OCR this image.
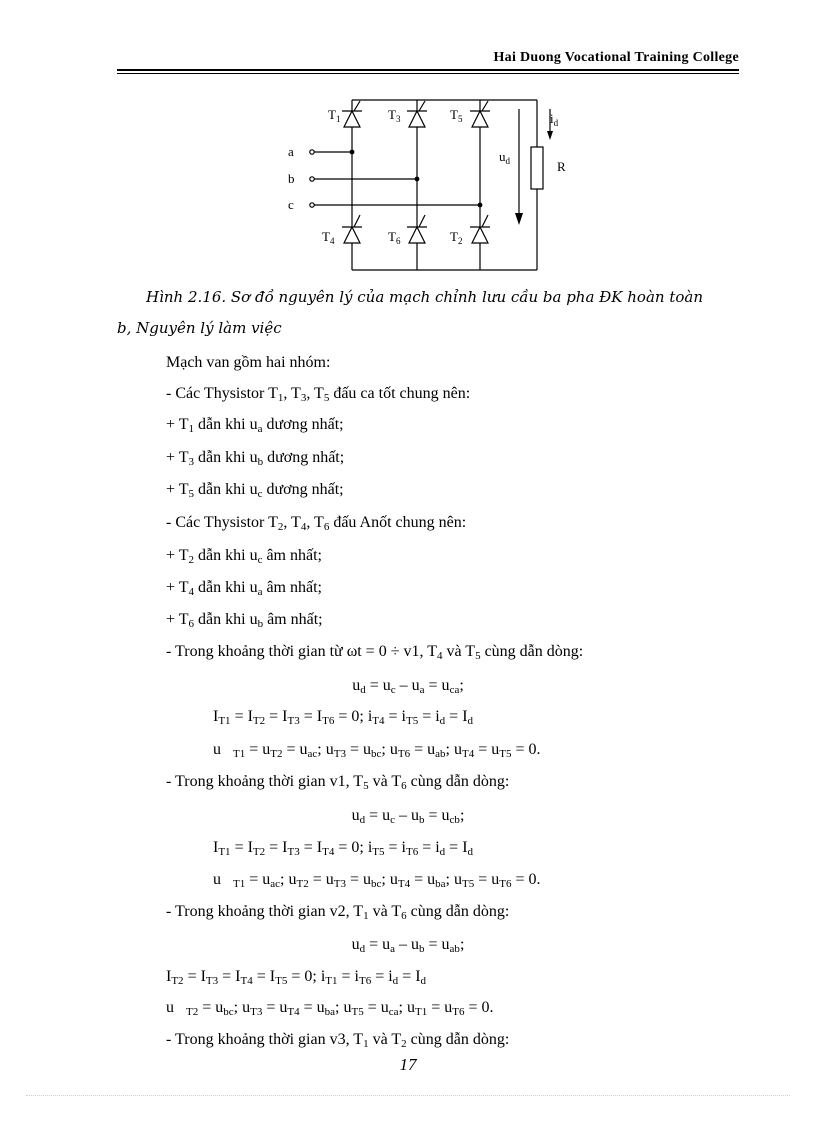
Hai Duong Vocational Training College
$T_1$	$T_3$	$T_5$
$T_4$	$T_6$	$T_2$
a
b
c
$u_d$
$i_d$
R
Hình 2.16. Sơ đồ nguyên lý của mạch chỉnh lưu cầu ba pha ĐK hoàn toàn
b, Nguyên lý làm việc
Mạch van gồm hai nhóm:
- Các Thysistor $T_1$, $T_3$, $T_5$ đấu ca tốt chung nên:
+ $T_1$ dẫn khi $u_a$ dương nhất;
+ $T_3$ dẫn khi $u_b$ dương nhất;
+ $T_5$ dẫn khi $u_c$ dương nhất;
- Các Thysistor $T_2$, $T_4$, $T_6$ đấu Anốt chung nên:
+ $T_2$ dẫn khi $u_c$ âm nhất;
+ $T_4$ dẫn khi $u_a$ âm nhất;
+ $T_6$ dẫn khi $u_b$ âm nhất;
- Trong khoảng thời gian từ ωt = 0 ÷ v1, $T_4$ và $T_5$ cùng dẫn dòng:
$u_d = u_c - u_a = u_{ca}$;
$I_{T1} = I_{T2} = I_{T3} = I_{T6} = 0$; $i_{T4} = i_{T5} = i_d = I_d$
u   $_{T1} = u_{T2} = u_{ac}$; $u_{T3} = u_{bc}$; $u_{T6} = u_{ab}$; $u_{T4} = u_{T5} = 0$.
- Trong khoảng thời gian v1, $T_5$ và $T_6$ cùng dẫn dòng:
$u_d = u_c - u_b = u_{cb}$;
$I_{T1} = I_{T2} = I_{T3} = I_{T4} = 0$; $i_{T5} = i_{T6} = i_d = I_d$
u   $_{T1} = u_{ac}$; $u_{T2} = u_{T3} = u_{bc}$; $u_{T4} = u_{ba}$; $u_{T5} = u_{T6} = 0$.
- Trong khoảng thời gian v2, $T_1$ và $T_6$ cùng dẫn dòng:
$u_d = u_a - u_b = u_{ab}$;
$I_{T2} = I_{T3} = I_{T4} = I_{T5} = 0$; $i_{T1} = i_{T6} = i_d = I_d$
u   $_{T2} = u_{bc}$; $u_{T3} = u_{T4} = u_{ba}$; $u_{T5} = u_{ca}$; $u_{T1} = u_{T6} = 0$.
- Trong khoảng thời gian v3, $T_1$ và $T_2$ cùng dẫn dòng:
17
